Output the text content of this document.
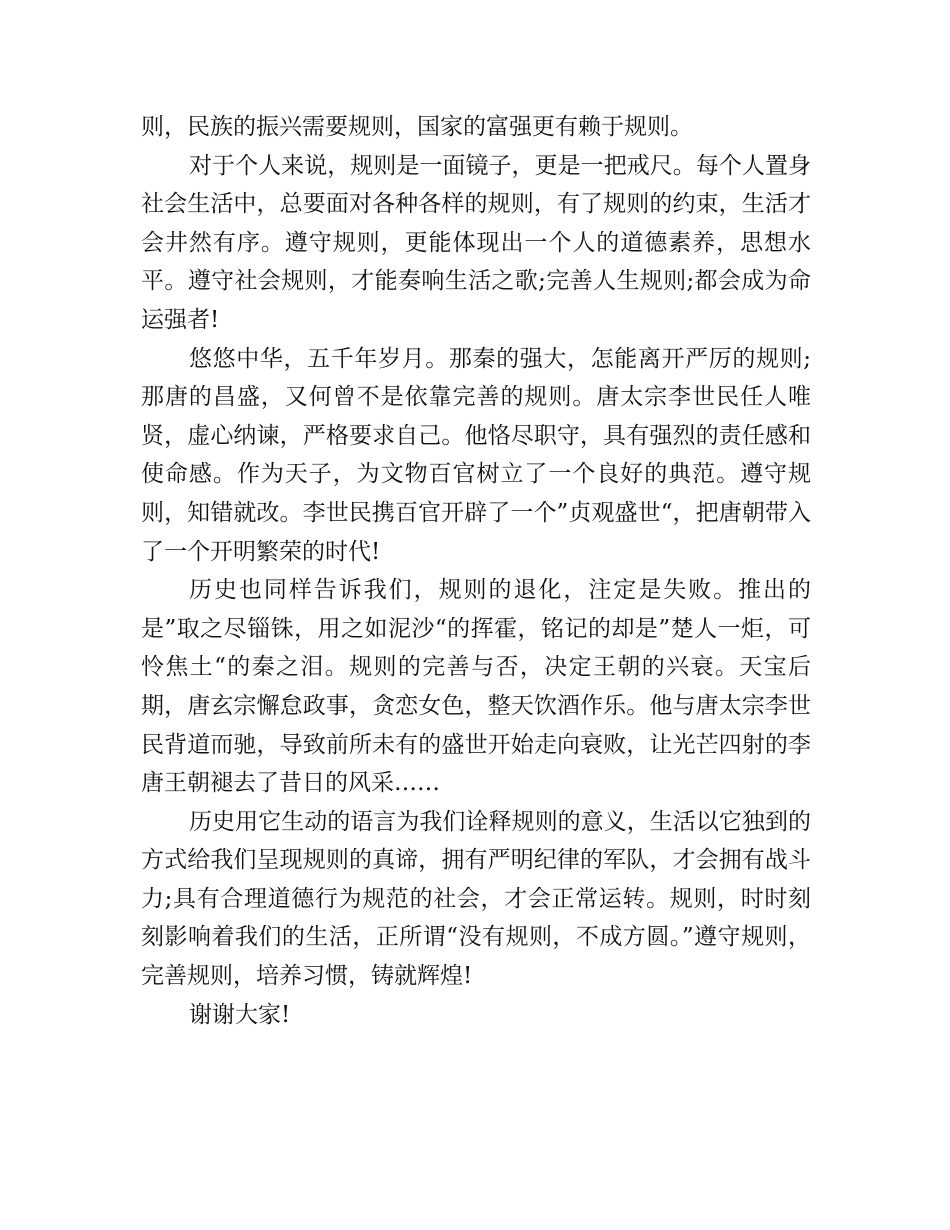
则，民族的振兴需要规则，国家的富强更有赖于规则。

对于个人来说，规则是一面镜子，更是一把戒尺。每个人置身社会生活中，总要面对各种各样的规则，有了规则的约束，生活才会井然有序。遵守规则，更能体现出一个人的道德素养，思想水平。遵守社会规则，才能奏响生活之歌;完善人生规则;都会成为命运强者!

悠悠中华，五千年岁月。那秦的强大，怎能离开严厉的规则;那唐的昌盛，又何曾不是依靠完善的规则。唐太宗李世民任人唯贤，虚心纳谏，严格要求自己。他恪尽职守，具有强烈的责任感和使命感。作为天子，为文物百官树立了一个良好的典范。遵守规则，知错就改。李世民携百官开辟了一个”贞观盛世“，把唐朝带入了一个开明繁荣的时代!

历史也同样告诉我们，规则的退化，注定是失败。推出的是”取之尽锱铢，用之如泥沙“的挥霍，铭记的却是”楚人一炬，可怜焦土“的秦之泪。规则的完善与否，决定王朝的兴衰。天宝后期，唐玄宗懈怠政事，贪恋女色，整天饮酒作乐。他与唐太宗李世民背道而驰，导致前所未有的盛世开始走向衰败，让光芒四射的李唐王朝褪去了昔日的风采……

历史用它生动的语言为我们诠释规则的意义，生活以它独到的方式给我们呈现规则的真谛，拥有严明纪律的军队，才会拥有战斗力;具有合理道德行为规范的社会，才会正常运转。规则，时时刻刻影响着我们的生活，正所谓“没有规则，不成方圆。”遵守规则，完善规则，培养习惯，铸就辉煌!

谢谢大家!
